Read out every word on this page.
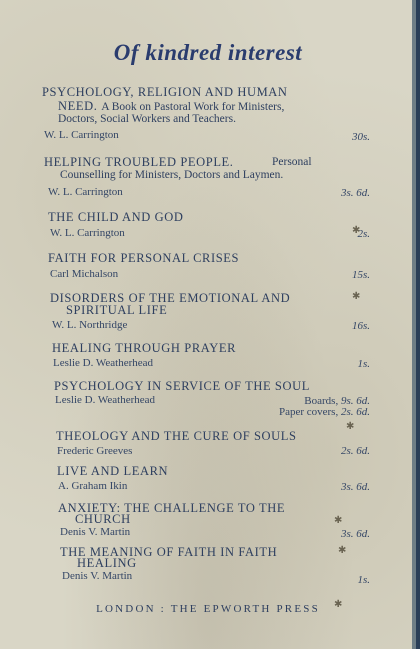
Of kindred interest
PSYCHOLOGY, RELIGION AND HUMAN
NEED. A Book on Pastoral Work for Ministers,
Doctors, Social Workers and Teachers.
W. L. Carrington	30s.
HELPING TROUBLED PEOPLE.	Personal
Counselling for Ministers, Doctors and Laymen.
W. L. Carrington	3s. 6d.
THE CHILD AND GOD
W. L. Carrington	2s.
FAITH FOR PERSONAL CRISES
Carl Michalson	15s.
DISORDERS OF THE EMOTIONAL AND
SPIRITUAL LIFE
W. L. Northridge	16s.
HEALING THROUGH PRAYER
Leslie D. Weatherhead	1s.
PSYCHOLOGY IN SERVICE OF THE SOUL
Leslie D. Weatherhead	Boards, 9s. 6d.
Paper covers, 2s. 6d.
THEOLOGY AND THE CURE OF SOULS
Frederic Greeves	2s. 6d.
LIVE AND LEARN
A. Graham Ikin	3s. 6d.
ANXIETY: THE CHALLENGE TO THE
CHURCH
Denis V. Martin	3s. 6d.
THE MEANING OF FAITH IN FAITH
HEALING
Denis V. Martin	1s.
LONDON : THE EPWORTH PRESS
✱
✱
✱
✱
✱
✱
